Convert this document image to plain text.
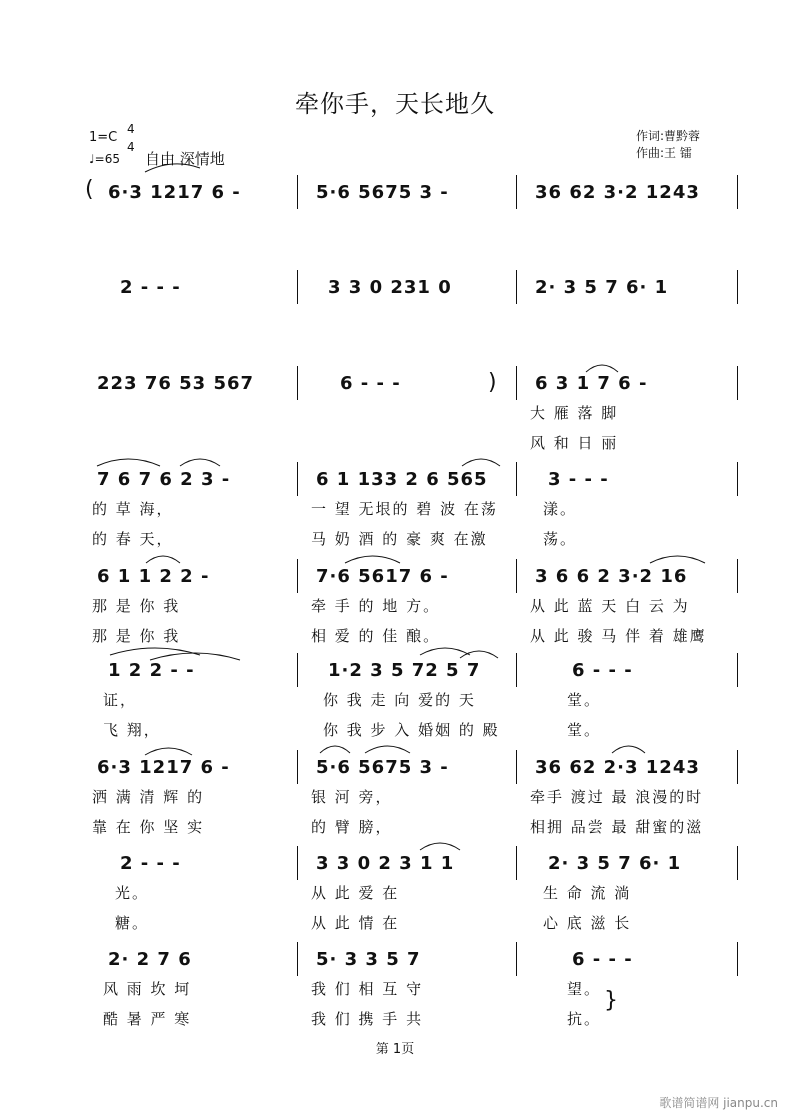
牵你手，天长地久
1=C
4
4
♩=65 自由 深情地
作词:曹黔蓉
作曲:王 镭
6·3 1217 6 -	5·6 5675 3 -	36 62 3·2 1243
2 - - -	3 3 0 231 0	2· 3 5 7 6· 1
223 76 53 567	6 - - -	6 3 1 7 6 -
大 雁 落 脚
风 和 日 丽
7 6 7 6 2 3 -
的 草 海，
的 春 天，
6 1 133 2 6 565
一 望 无垠的 碧 波 在荡
马 奶 酒 的 豪 爽 在激
3 - - -
漾。
荡。
6 1 1 2 2 -
那 是 你 我
那 是 你 我
7·6 5617 6 -
牵 手 的 地 方。
相 爱 的 佳 酿。
3 6 6 2 3·2 16
从 此 蓝 天 白 云 为
从 此 骏 马 伴 着 雄鹰
1 2 2 - -
证，
飞 翔，
1·2 3 5 72 5 7
你 我 走 向 爱的 天
你 我 步 入 婚姻 的 殿
6 - - -
堂。
堂。
6·3 1217 6 -
洒 满 清 辉 的
靠 在 你 坚 实
5·6 5675 3 -
银 河 旁，
的 臂 膀，
36 62 2·3 1243
牵手 渡过 最 浪漫的时
相拥 品尝 最 甜蜜的滋
2 - - -
光。
糖。
3 3 0 2 3 1 1
从 此 爱 在
从 此 情 在
2· 3 5 7 6· 1
生 命 流 淌
心 底 滋 长
2· 2 7 6
风 雨 坎 坷
酷 暑 严 寒
5· 3 3 5 7
我 们 相 互 守
我 们 携 手 共
6 - - -
望。
抗。
(
)
}
第 1页
歌谱简谱网 jianpu.cn
